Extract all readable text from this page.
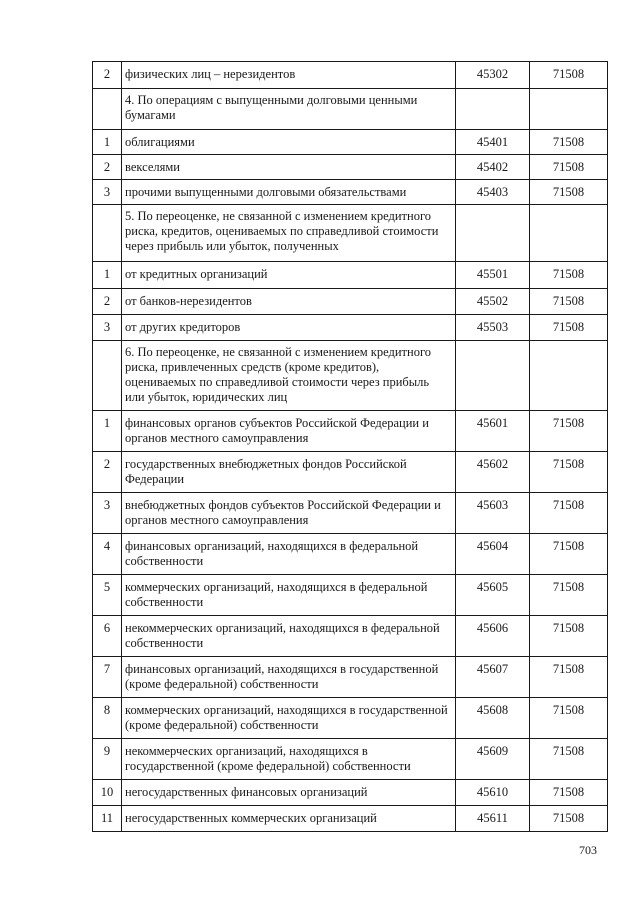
2	физических лиц – нерезидентов	45302	71508

	4. По операциям с выпущенными долговыми ценными бумагами		

1	облигациями	45401	71508

2	векселями	45402	71508

3	прочими выпущенными долговыми обязательствами	45403	71508

	5. По переоценке, не связанной с изменением кредитного риска, кредитов, оцениваемых по справедливой стоимости через прибыль или убыток, полученных		

1	от кредитных организаций	45501	71508

2	от банков-нерезидентов	45502	71508

3	от других кредиторов	45503	71508

	6. По переоценке, не связанной с изменением кредитного риска, привлеченных средств (кроме кредитов), оцениваемых по справедливой стоимости через прибыль или убыток, юридических лиц		

1	финансовых органов субъектов Российской Федерации и органов местного самоуправления	45601	71508

2	государственных внебюджетных фондов Российской Федерации	45602	71508

3	внебюджетных фондов субъектов Российской Федерации и органов местного самоуправления	45603	71508

4	финансовых организаций, находящихся в федеральной собственности	45604	71508

5	коммерческих организаций, находящихся в федеральной собственности	45605	71508

6	некоммерческих организаций, находящихся в федеральной собственности	45606	71508

7	финансовых организаций, находящихся в государственной (кроме федеральной) собственности	45607	71508

8	коммерческих организаций, находящихся в государственной (кроме федеральной) собственности	45608	71508

9	некоммерческих организаций, находящихся в государственной (кроме федеральной) собственности	45609	71508

10	негосударственных финансовых организаций	45610	71508

11	негосударственных коммерческих организаций	45611	71508
703
